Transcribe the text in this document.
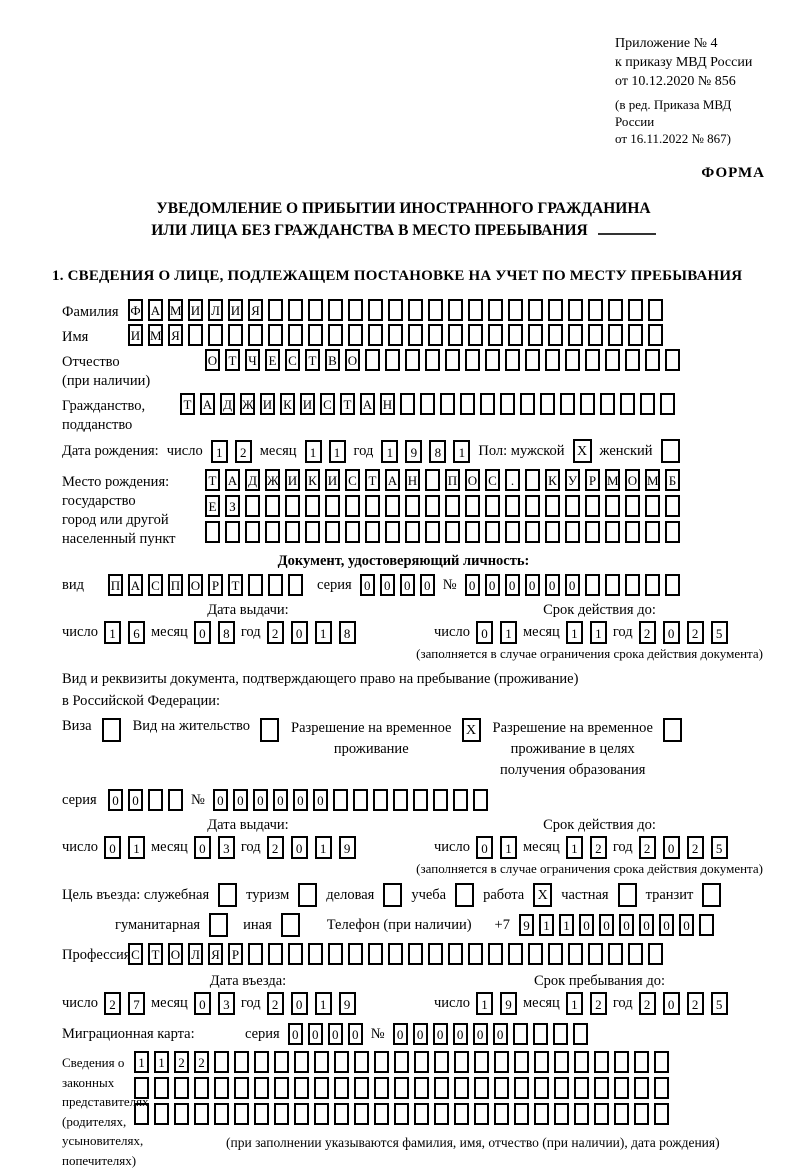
Приложение № 4
к приказу МВД России
от 10.12.2020 № 856
(в ред. Приказа МВД России
от 16.11.2022 № 867)
ФОРМА
УВЕДОМЛЕНИЕ О ПРИБЫТИИ ИНОСТРАННОГО ГРАЖДАНИНА
ИЛИ ЛИЦА БЕЗ ГРАЖДАНСТВА В МЕСТО ПРЕБЫВАНИЯ
1. СВЕДЕНИЯ О ЛИЦЕ, ПОДЛЕЖАЩЕМ ПОСТАНОВКЕ НА УЧЕТ ПО МЕСТУ ПРЕБЫВАНИЯ
Фамилия Ф А М И Л И Я
Имя	И М Я
Отчество
(при наличии)
О Т Ч Е С Т В О
Гражданство,
подданство
Т А Д Ж И К И С Т А Н
Дата рождения: число	1	2 месяц	1	1 год	1	9	8	1 Пол: мужской X женский
Место рождения:
государство
город или другой
населенный пункт
Т А Д Ж И К И С Т А Н П О С	.	К У Р М О М Б
Е З
Документ, удостоверяющий личность:
вид	П А С П О Р Т	серия 0	0	0	0 № 0	0	0	0	0	0
Дата выдачи:
число 1	6 месяц 0	8 год 2	0	1	8
Срок действия до:
число 0	1 месяц 1	1 год 2	0	2	5
(заполняется в случае ограничения срока действия документа)
Вид и реквизиты документа, подтверждающего право на пребывание (проживание)
в Российской Федерации:
Виза	Вид на жительство	Разрешение на временное
проживание
X	Разрешение на временное
проживание в целях
получения образования
серия	0	0	№ 0	0	0	0	0	0
Дата выдачи:
число 0	1 месяц 0	3 год 2	0	1	9
Срок действия до:
число 0	1 месяц 1	2 год 2	0	2	5
(заполняется в случае ограничения срока действия документа)
Цель въезда: служебная	туризм	деловая	учеба	работа X частная	транзит
гуманитарная	иная	Телефон (при наличии) +7	9	1	1	0	0	0	0	0	0
Профессия С Т О Л Я Р
Дата въезда:
число 2	7 месяц 0	3 год 2	0	1	9
Срок пребывания до:
число 1	9 месяц 1	2 год 2	0	2	5
Миграционная карта:	серия 0	0	0	0 № 0	0	0	0	0	0
Сведения о
законных
представителях
(родителях,
усыновителях,
попечителях)
1	1	2	2
(при заполнении указываются фамилия, имя, отчество (при наличии), дата рождения)
